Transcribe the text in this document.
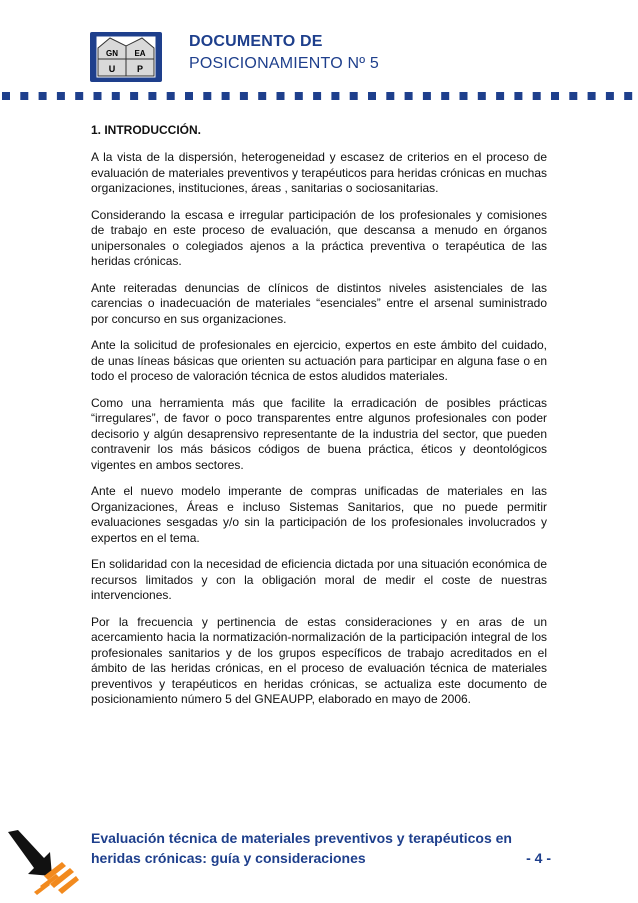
GN EA
U P
DOCUMENTO DE
POSICIONAMIENTO Nº 5
1. INTRODUCCIÓN.

A la vista de la dispersión, heterogeneidad y escasez de criterios en el proceso de evaluación de materiales preventivos y terapéuticos para heridas crónicas en muchas organizaciones, instituciones, áreas , sanitarias o sociosanitarias.

Considerando la escasa e irregular participación de los profesionales y comisiones de trabajo en este proceso de evaluación, que descansa a menudo en órganos unipersonales o colegiados ajenos a la práctica preventiva o terapéutica de las heridas crónicas.

Ante reiteradas denuncias de clínicos de distintos niveles asistenciales de las carencias o inadecuación de materiales “esenciales” entre el arsenal suministrado por concurso en sus organizaciones.

Ante la solicitud de profesionales en ejercicio, expertos en este ámbito del cuidado, de unas líneas básicas que orienten su actuación para participar en alguna fase o en todo el proceso de valoración técnica de estos aludidos materiales.

Como una herramienta más que facilite la erradicación de posibles prácticas “irregulares”, de favor o poco transparentes entre algunos profesionales con poder decisorio y algún desaprensivo representante de la industria del sector, que pueden contravenir los más básicos códigos de buena práctica, éticos y deontológicos vigentes en ambos sectores.

Ante el nuevo modelo imperante de compras unificadas de materiales en las Organizaciones, Áreas e incluso Sistemas Sanitarios, que no puede permitir evaluaciones sesgadas y/o sin la participación de los profesionales involucrados y expertos en el tema.

En solidaridad con la necesidad de eficiencia dictada por una situación económica de recursos limitados y con la obligación moral de medir el coste de nuestras intervenciones.

Por la frecuencia y pertinencia de estas consideraciones y en aras de un acercamiento hacia la normatización-normalización de la participación integral de los profesionales sanitarios y de los grupos específicos de trabajo acreditados en el ámbito de las heridas crónicas, en el proceso de evaluación técnica de materiales preventivos y terapéuticos en heridas crónicas, se actualiza este documento de posicionamiento número 5 del GNEAUPP, elaborado en mayo de 2006.

Evaluación técnica de materiales preventivos y terapéuticos en
heridas crónicas: guía y consideraciones	- 4 -
